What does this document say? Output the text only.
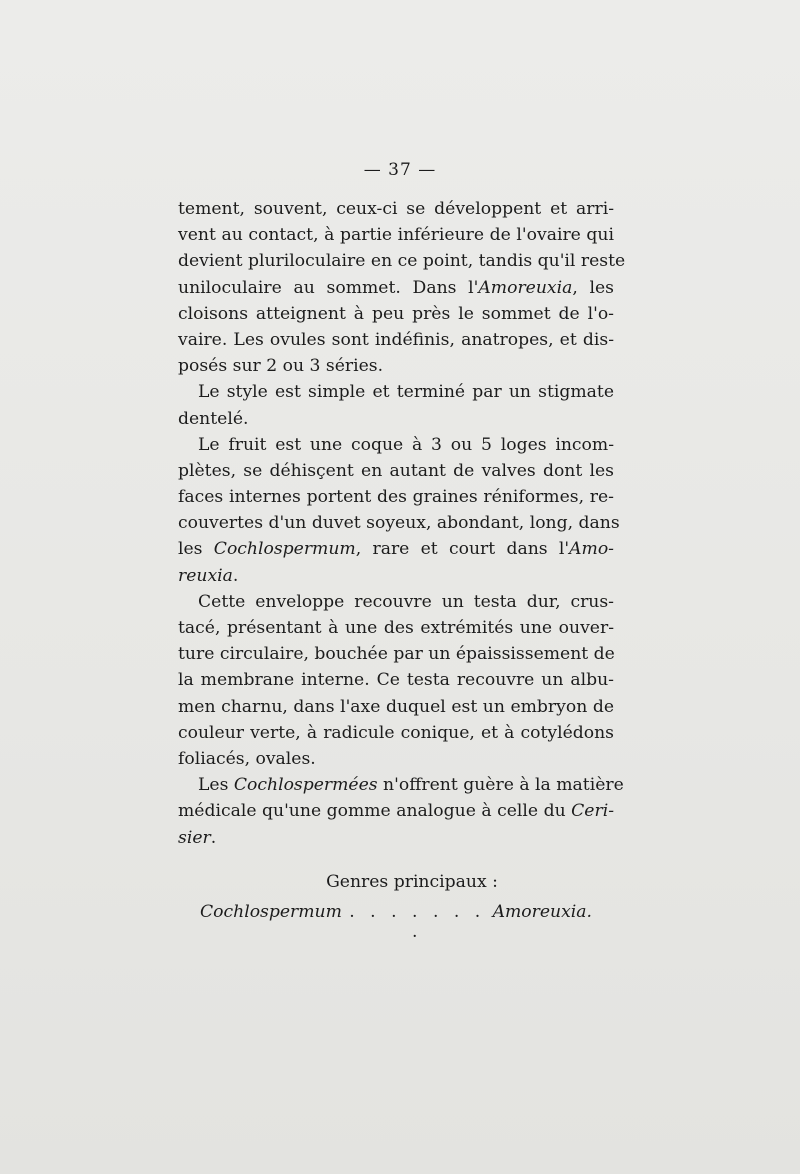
— 37 —
tement, souvent, ceux-ci se développent et arri-
vent au contact, à partie inférieure de l'ovaire qui
devient pluriloculaire en ce point, tandis qu'il reste
uniloculaire au sommet. Dans l'Amoreuxia, les
cloisons atteignent à peu près le sommet de l'o-
vaire. Les ovules sont indéfinis, anatropes, et dis-
posés sur 2 ou 3 séries.
Le style est simple et terminé par un stigmate
dentelé.
Le fruit est une coque à 3 ou 5 loges incom-
plètes, se déhisçent en autant de valves dont les
faces internes portent des graines réniformes, re-
couvertes d'un duvet soyeux, abondant, long, dans
les Cochlospermum, rare et court dans l'Amo-
reuxia.
Cette enveloppe recouvre un testa dur, crus-
tacé, présentant à une des extrémités une ouver-
ture circulaire, bouchée par un épaississement de
la membrane interne. Ce testa recouvre un albu-
men charnu, dans l'axe duquel est un embryon de
couleur verte, à radicule conique, et à cotylédons
foliacés, ovales.
Les Cochlospermées n'offrent guère à la matière
médicale qu'une gomme analogue à celle du Ceri-
sier.
Genres principaux :
Cochlospermum . . . . . . . .
Amoreuxia.
